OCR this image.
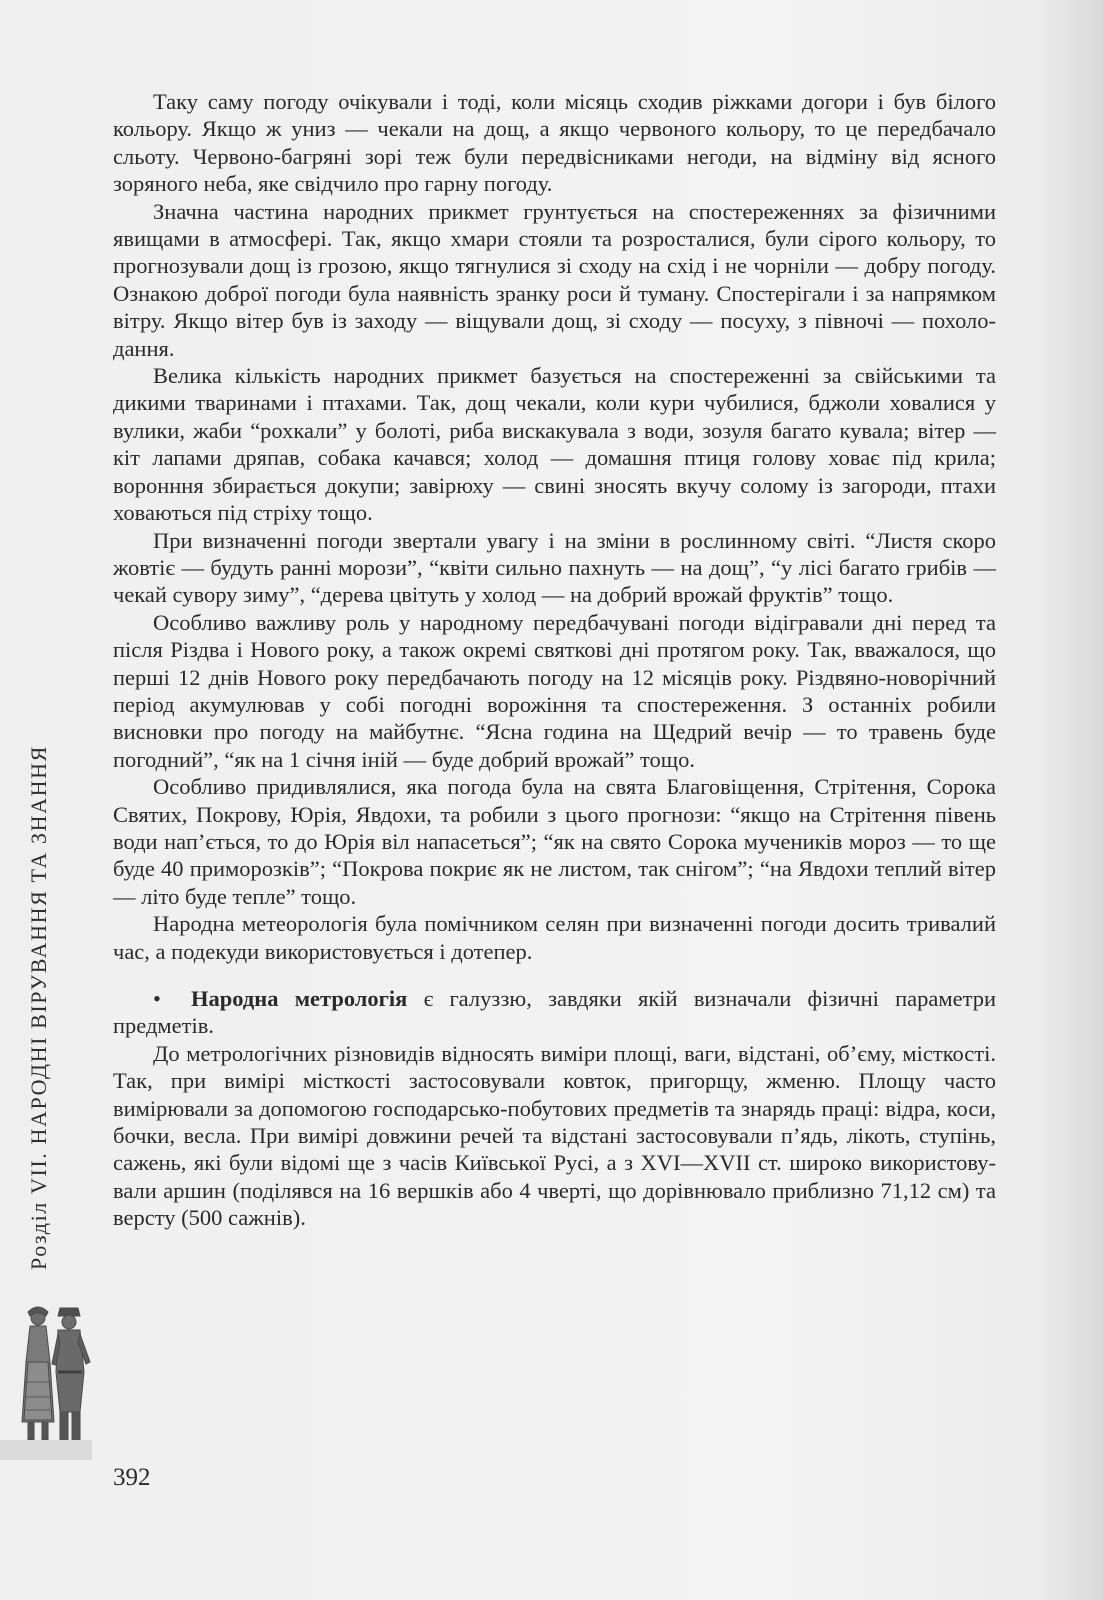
Таку саму погоду очікували і тоді, коли місяць сходив ріжками догори і був білого кольору. Якщо ж униз — чекали на дощ, а якщо червоного кольору, то це передбачало сльоту. Червоно-багряні зорі теж були передвісниками негоди, на відміну від ясного зоряного неба, яке свідчило про гарну погоду.

Значна частина народних прикмет грунтується на спостереженнях за фізичними явищами в атмосфері. Так, якщо хмари стояли та розросталися, були сірого кольору, то прогнозували дощ із грозою, якщо тягнулися зі сходу на схід і не чорніли — добру погоду. Ознакою доброї погоди була наявність зранку роси й туману. Спостерігали і за напрямком вітру. Якщо вітер був із заходу — віщували дощ, зі сходу — посуху, з півночі — похолодання.

Велика кількість народних прикмет базується на спостереженні за свійськими та дикими тваринами і птахами. Так, дощ чекали, коли кури чубилися, бджоли ховалися у вулики, жаби “рохкали” у болоті, риба вискакувала з води, зозуля багато кувала; вітер — кіт лапами дряпав, собака качався; холод — домашня птиця голову ховає під крила; воронння збирається докупи; завірюху — свині зносять вкучу солому із загороди, птахи ховаються під стріху тощо.

При визначенні погоди звертали увагу і на зміни в рослинному світі. “Листя скоро жовтіє — будуть ранні морози”, “квіти сильно пахнуть — на дощ”, “у лісі багато грибів — чекай сувору зиму”, “дерева цвітуть у холод — на добрий врожай фруктів” тощо.

Особливо важливу роль у народному передбачувані погоди відігравали дні перед та після Різдва і Нового року, а також окремі святкові дні протягом року. Так, вважалося, що перші 12 днів Нового року передбачають погоду на 12 місяців року. Різдвяно-новорічний період акумулював у собі погодні ворожіння та спостереження. З останніх робили висновки про погоду на майбутнє. “Ясна година на Щедрий вечір — то травень буде погодний”, “як на 1 січня іній — буде добрий врожай” тощо.

Особливо придивлялися, яка погода була на свята Благовіщення, Стрітення, Сорока Святих, Покрову, Юрія, Явдохи, та робили з цього прогнози: “якщо на Стрітення півень води нап’ється, то до Юрія віл напасеться”; “як на свято Сорока мучеників мороз — то ще буде 40 приморозків”; “Покрова покриє як не листом, так снігом”; “на Явдохи теплий вітер — літо буде тепле” тощо.

Народна метеорологія була помічником селян при визначенні погоди досить тривалий час, а подекуди використовується і дотепер.

• Народна метрологія є галуззю, завдяки якій визначали фізичні параметри предметів.

До метрологічних різновидів відносять виміри площі, ваги, відстані, об’єму, місткості. Так, при вимірі місткості застосовували ковток, пригорщу, жменю. Площу часто вимірювали за допомогою господарсько-побутових предметів та знарядь праці: відра, коси, бочки, весла. При вимірі довжини речей та відстані застосовували п’ядь, лікоть, ступінь, сажень, які були відомі ще з часів Київської Русі, а з XVI—XVII ст. широко використовували аршин (поділявся на 16 вершків або 4 чверті, що дорівнювало приблизно 71,12 см) та версту (500 сажнів).

Розділ VII. НАРОДНІ ВІРУВАННЯ ТА ЗНАННЯ
392
